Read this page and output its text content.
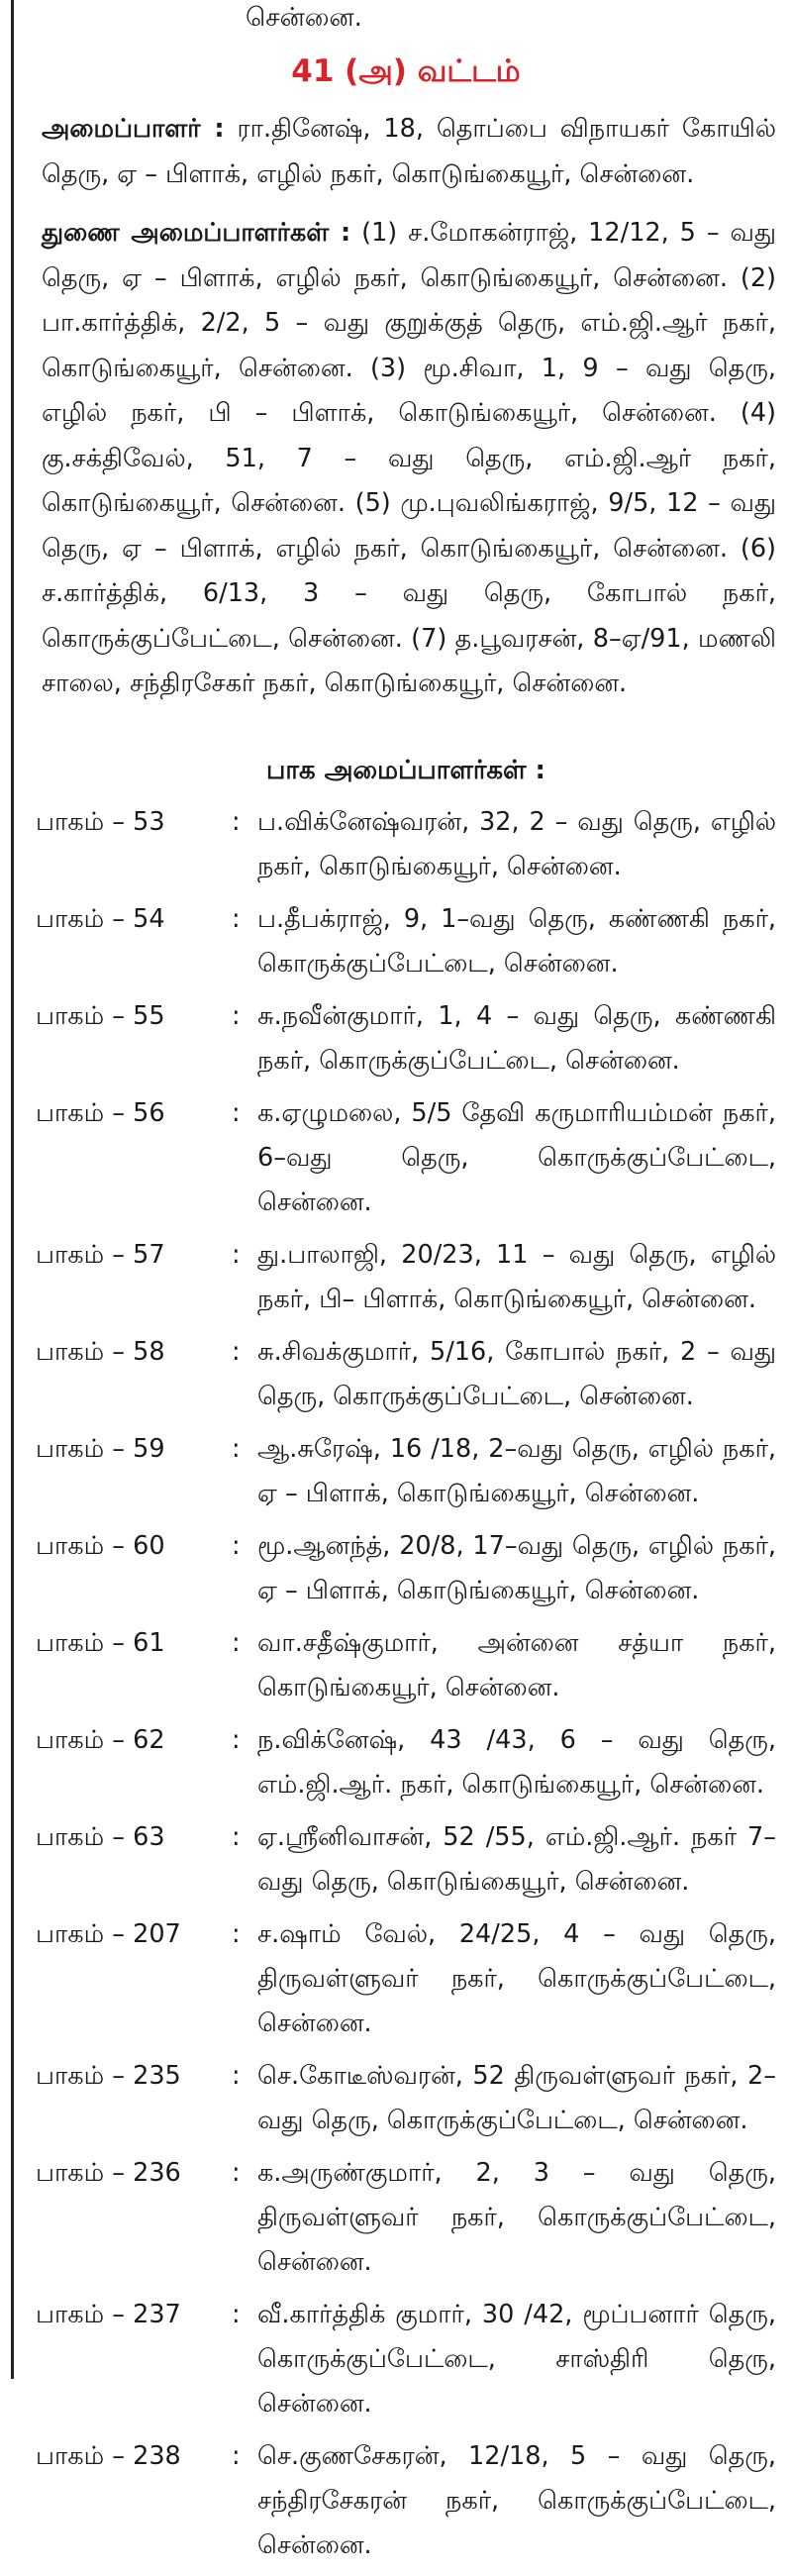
சென்னை.
41 (அ) வட்டம்

அமைப்பாளர் : ரா.தினேஷ், 18, தொப்பை விநாயகர் கோயில் தெரு, ஏ – பிளாக், எழில் நகர், கொடுங்கையூர், சென்னை.

துணை அமைப்பாளர்கள் : (1) ச.மோகன்ராஜ், 12/12, 5 – வது தெரு, ஏ – பிளாக், எழில் நகர், கொடுங்கையூர், சென்னை. (2) பா.கார்த்திக், 2/2, 5 – வது குறுக்குத் தெரு, எம்.ஜி.ஆர் நகர், கொடுங்கையூர், சென்னை. (3) மூ.சிவா, 1, 9 – வது தெரு, எழில் நகர், பி – பிளாக், கொடுங்கையூர், சென்னை. (4) கு.சக்திவேல், 51, 7 – வது தெரு, எம்.ஜி.ஆர் நகர், கொடுங்கையூர், சென்னை. (5) மு.புவலிங்கராஜ், 9/5, 12 – வது தெரு, ஏ – பிளாக், எழில் நகர், கொடுங்கையூர், சென்னை. (6) ச.கார்த்திக், 6/13, 3 – வது தெரு, கோபால் நகர், கொருக்குப்பேட்டை, சென்னை. (7) த.பூவரசன், 8–ஏ/91, மணலி சாலை, சந்திரசேகர் நகர், கொடுங்கையூர், சென்னை.

பாக அமைப்பாளர்கள் :
பாகம் – 53	: ப.விக்னேஷ்வரன், 32, 2 – வது தெரு, எழில் நகர், கொடுங்கையூர், சென்னை.
பாகம் – 54	: ப.தீபக்ராஜ், 9, 1–வது தெரு, கண்ணகி நகர், கொருக்குப்பேட்டை, சென்னை.
பாகம் – 55	: சு.நவீன்குமார், 1, 4 – வது தெரு, கண்ணகி நகர், கொருக்குப்பேட்டை, சென்னை.
பாகம் – 56	: க.ஏழுமலை, 5/5 தேவி கருமாரியம்மன் நகர், 6–வது தெரு, கொருக்குப்பேட்டை, சென்னை.
பாகம் – 57	: து.பாலாஜி, 20/23, 11 – வது தெரு, எழில் நகர், பி– பிளாக், கொடுங்கையூர், சென்னை.
பாகம் – 58	: சு.சிவக்குமார், 5/16, கோபால் நகர், 2 – வது தெரு, கொருக்குப்பேட்டை, சென்னை.
பாகம் – 59	: ஆ.சுரேஷ், 16 /18, 2–வது தெரு, எழில் நகர், ஏ – பிளாக், கொடுங்கையூர், சென்னை.
பாகம் – 60	: மூ.ஆனந்த், 20/8, 17–வது தெரு, எழில் நகர், ஏ – பிளாக், கொடுங்கையூர், சென்னை.
பாகம் – 61	: வா.சதீஷ்குமார், அன்னை சத்யா நகர், கொடுங்கையூர், சென்னை.
பாகம் – 62	: ந.விக்னேஷ், 43 /43, 6 – வது தெரு, எம்.ஜி.ஆர். நகர், கொடுங்கையூர், சென்னை.
பாகம் – 63	: ஏ.ஸ்ரீனிவாசன், 52 /55, எம்.ஜி.ஆர். நகர் 7–வது தெரு, கொடுங்கையூர், சென்னை.
பாகம் – 207	: ச.ஷாம் வேல், 24/25, 4 – வது தெரு, திருவள்ளுவர் நகர், கொருக்குப்பேட்டை, சென்னை.
பாகம் – 235	: செ.கோடீஸ்வரன், 52 திருவள்ளுவர் நகர், 2–வது தெரு, கொருக்குப்பேட்டை, சென்னை.
பாகம் – 236	: க.அருண்குமார், 2, 3 – வது தெரு, திருவள்ளுவர் நகர், கொருக்குப்பேட்டை, சென்னை.
பாகம் – 237	: வீ.கார்த்திக் குமார், 30 /42, மூப்பனார் தெரு, கொருக்குப்பேட்டை, சாஸ்திரி தெரு, சென்னை.
பாகம் – 238	: செ.குணசேகரன், 12/18, 5 – வது தெரு, சந்திரசேகரன் நகர், கொருக்குப்பேட்டை, சென்னை.
